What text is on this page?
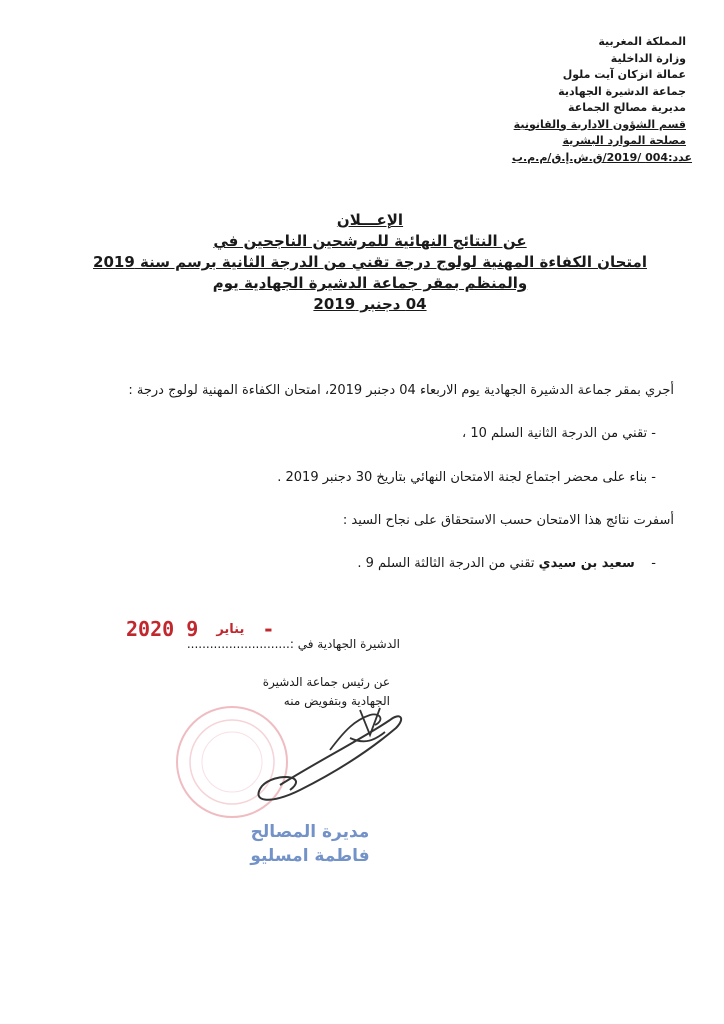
المملكة المغربية
وزارة الداخلية
عمالة انزكان آيت ملول
جماعة الدشيرة الجهادية
مديرية مصالح الجماعة
قسم الشؤون الادارية والقانونية
مصلحة الموارد البشرية
عدد:004 /2019/ق.ش.إ.ق/م.م.ب
الإعـــلان
عن النتائج النهائية للمرشحين الناجحين في
امتحان الكفاءة المهنية لولوج درجة تقني من الدرجة الثانية برسم سنة 2019
والمنظم بمقر جماعة الدشيرة الجهادية يوم
04 دجنبر 2019
أجري بمقر جماعة الدشيرة الجهادية يوم الاربعاء 04 دجنبر 2019، امتحان الكفاءة المهنية لولوج درجة :
- تقني من الدرجة الثانية السلم 10 ،
- بناء على محضر اجتماع لجنة الامتحان النهائي بتاريخ 30 دجنبر 2019 .
أسفرت نتائج هذا الامتحان حسب الاستحقاق على نجاح السيد :
-    سعيد بن سيدي تقني من الدرجة الثالثة السلم 9 .
2020	يناير 9 -
الدشيرة الجهادية في :...........................
عن رئيس جماعة الدشيرة
الجهادية وبتفويض منه
مديرة المصالح
فاطمة امسليو
